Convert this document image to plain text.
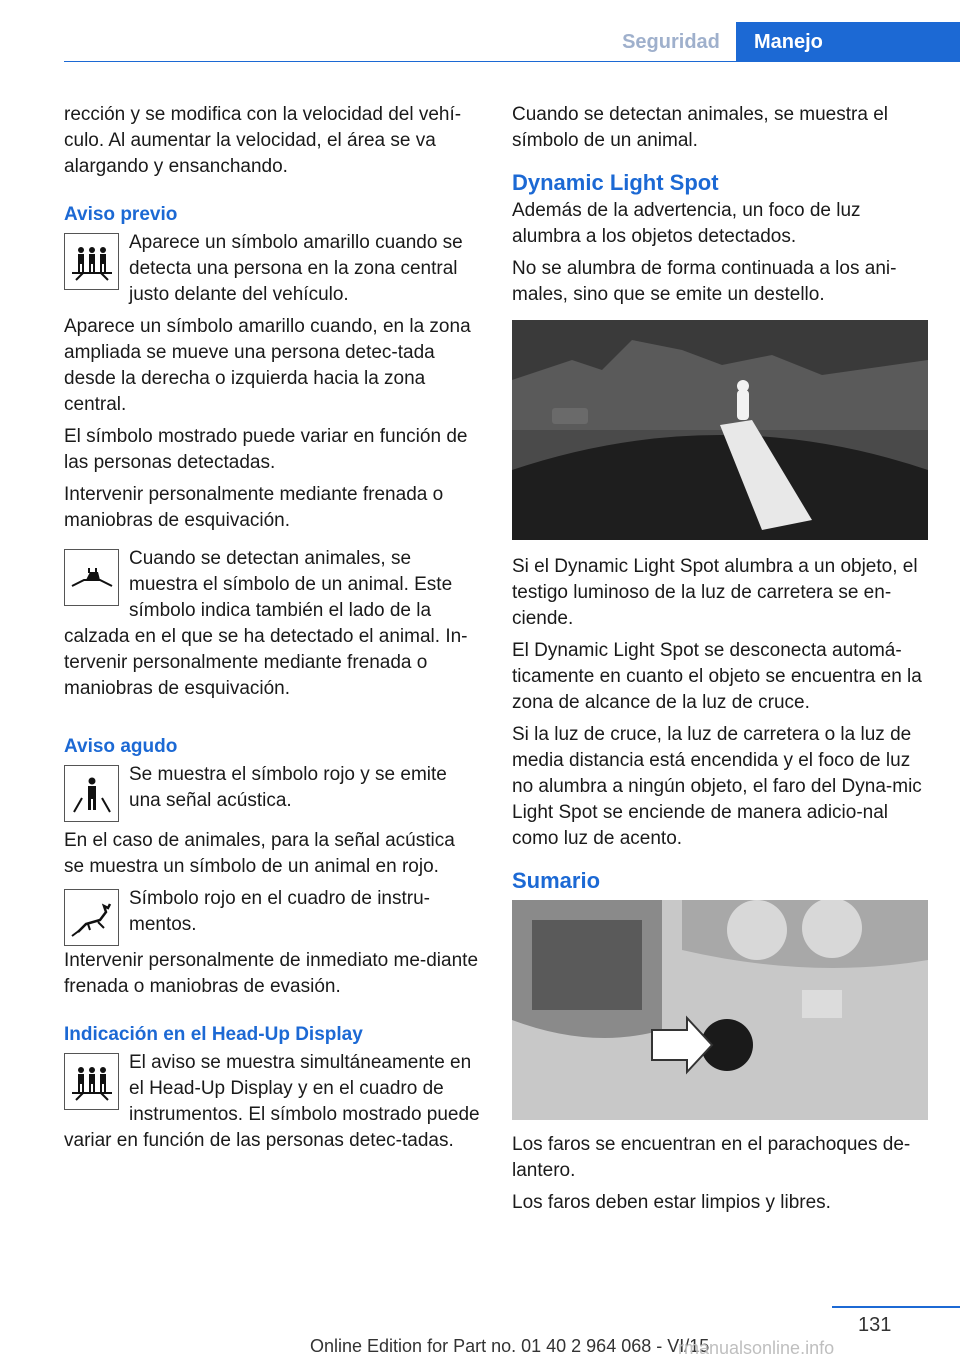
Seguridad	Manejo

rección y se modifica con la velocidad del vehí‐culo. Al aumentar la velocidad, el área se va alargando y ensanchando.

Aviso previo

Aparece un símbolo amarillo cuando se detecta una persona en la zona central justo delante del vehículo.

Aparece un símbolo amarillo cuando, en la zona ampliada se mueve una persona detec‐tada desde la derecha o izquierda hacia la zona central.

El símbolo mostrado puede variar en función de las personas detectadas.

Intervenir personalmente mediante frenada o maniobras de esquivación.

Cuando se detectan animales, se muestra el símbolo de un animal. Este símbolo indica también el lado de la calzada en el que se ha detectado el animal. In‐tervenir personalmente mediante frenada o maniobras de esquivación.

Aviso agudo

Se muestra el símbolo rojo y se emite una señal acústica.

En el caso de animales, para la señal acústica se muestra un símbolo de un animal en rojo.

Símbolo rojo en el cuadro de instru‐mentos.

Intervenir personalmente de inmediato me‐diante frenada o maniobras de evasión.

Indicación en el Head-Up Display

El aviso se muestra simultáneamente en el Head-Up Display y en el cuadro de instrumentos. El símbolo mostrado puede variar en función de las personas detec‐tadas.

Cuando se detectan animales, se muestra el símbolo de un animal.

Dynamic Light Spot

Además de la advertencia, un foco de luz alumbra a los objetos detectados.

No se alumbra de forma continuada a los ani‐males, sino que se emite un destello.

Si el Dynamic Light Spot alumbra a un objeto, el testigo luminoso de la luz de carretera se en‐ciende.

El Dynamic Light Spot se desconecta automá‐ticamente en cuanto el objeto se encuentra en la zona de alcance de la luz de cruce.

Si la luz de cruce, la luz de carretera o la luz de media distancia está encendida y el foco de luz no alumbra a ningún objeto, el faro del Dyna‐mic Light Spot se enciende de manera adicio‐nal como luz de acento.

Sumario

Los faros se encuentran en el parachoques de‐lantero.

Los faros deben estar limpios y libres.

131
Online Edition for Part no. 01 40 2 964 068 - VI/15
rmanualsonline.info
